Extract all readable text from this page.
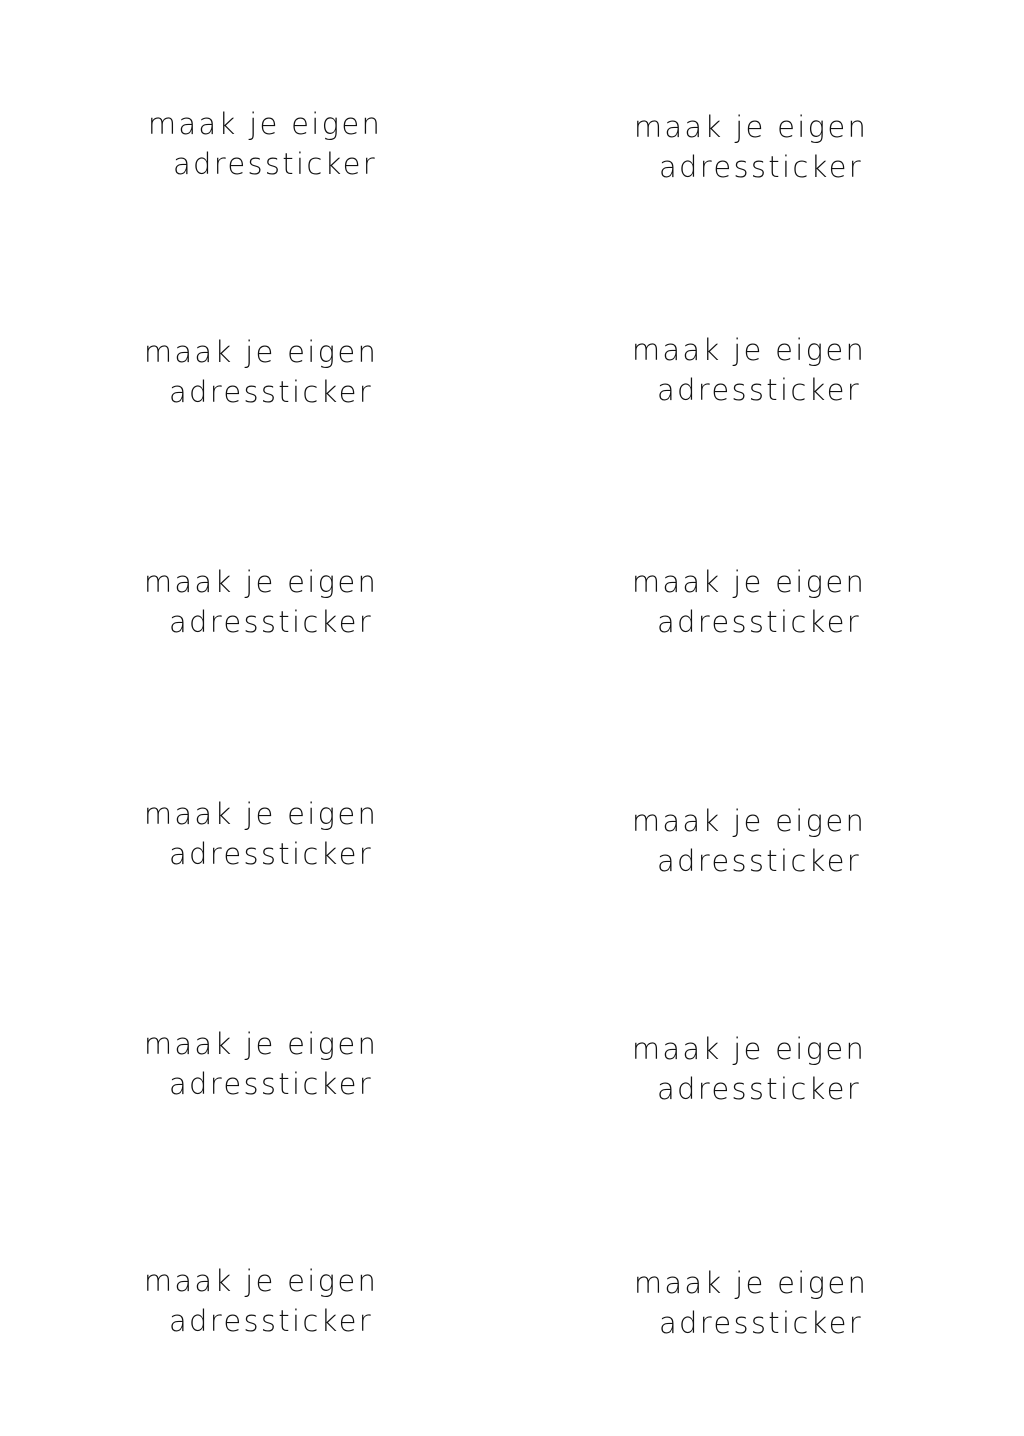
maak je eigen
adressticker
maak je eigen
adressticker
maak je eigen
adressticker
maak je eigen
adressticker
maak je eigen
adressticker
maak je eigen
adressticker
maak je eigen
adressticker
maak je eigen
adressticker
maak je eigen
adressticker
maak je eigen
adressticker
maak je eigen
adressticker
maak je eigen
adressticker
